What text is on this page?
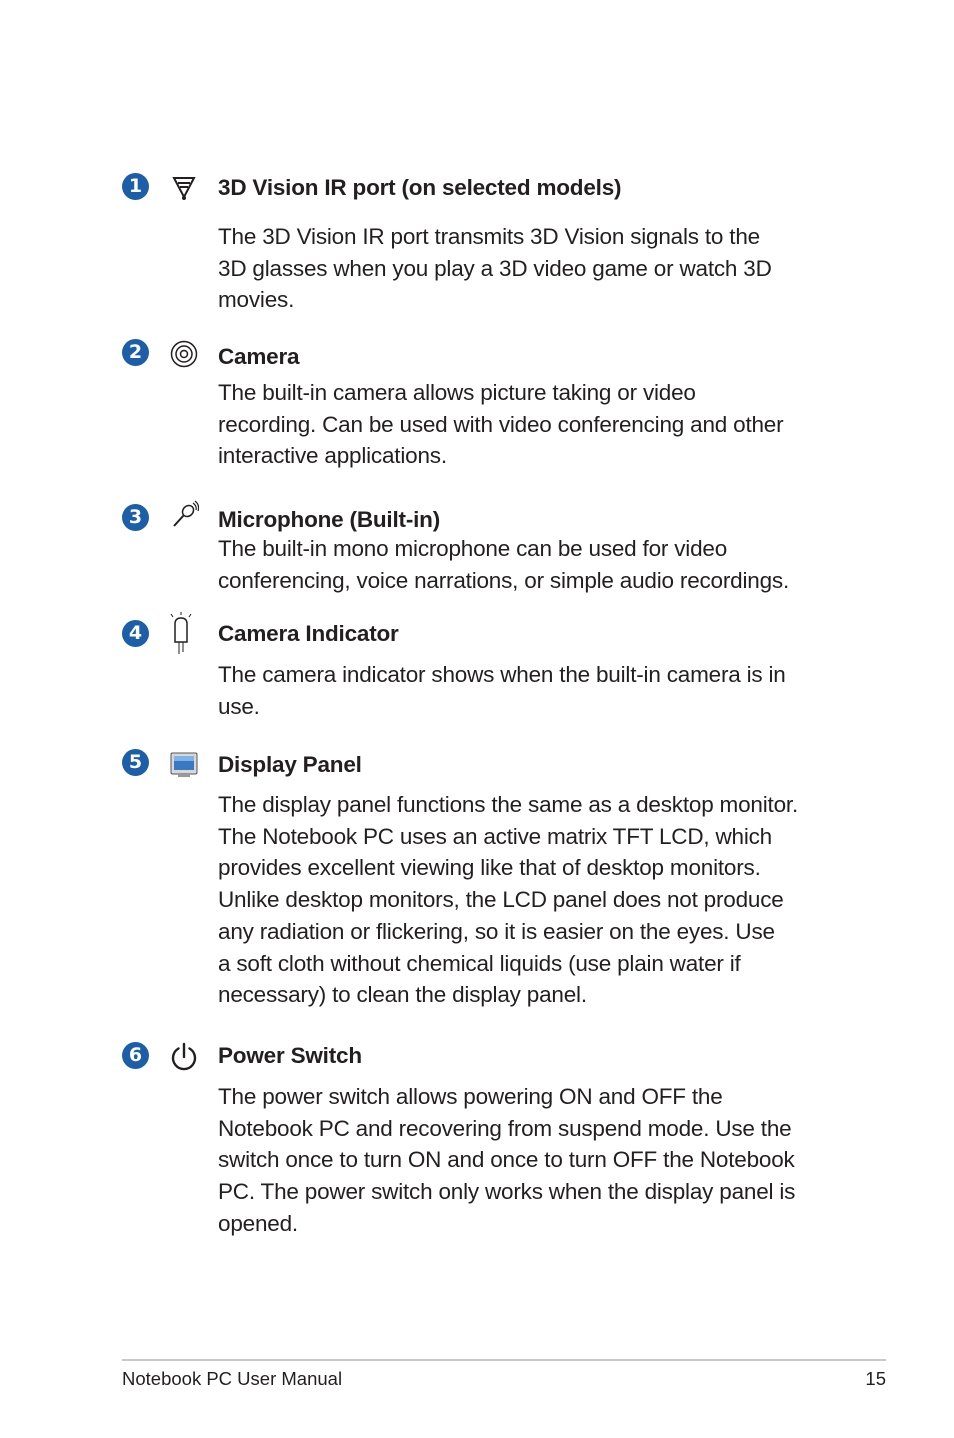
1	3D Vision IR port (on selected models)

The 3D Vision IR port transmits 3D Vision signals to the
3D glasses when you play a 3D video game or watch 3D
movies.

2	Camera

The built-in camera allows picture taking or video
recording. Can be used with video conferencing and other
interactive applications.

3	Microphone (Built-in)

The built-in mono microphone can be used for video
conferencing, voice narrations, or simple audio recordings.

4	Camera Indicator

The camera indicator shows when the built-in camera is in
use.

5	Display Panel

The display panel functions the same as a desktop monitor.
The Notebook PC uses an active matrix TFT LCD, which
provides excellent viewing like that of desktop monitors.
Unlike desktop monitors, the LCD panel does not produce
any radiation or flickering, so it is easier on the eyes. Use
a soft cloth without chemical liquids (use plain water if
necessary) to clean the display panel.

6	Power Switch

The power switch allows powering ON and OFF the
Notebook PC and recovering from suspend mode. Use the
switch once to turn ON and once to turn OFF the Notebook
PC. The power switch only works when the display panel is
opened.

Notebook PC User Manual	15
